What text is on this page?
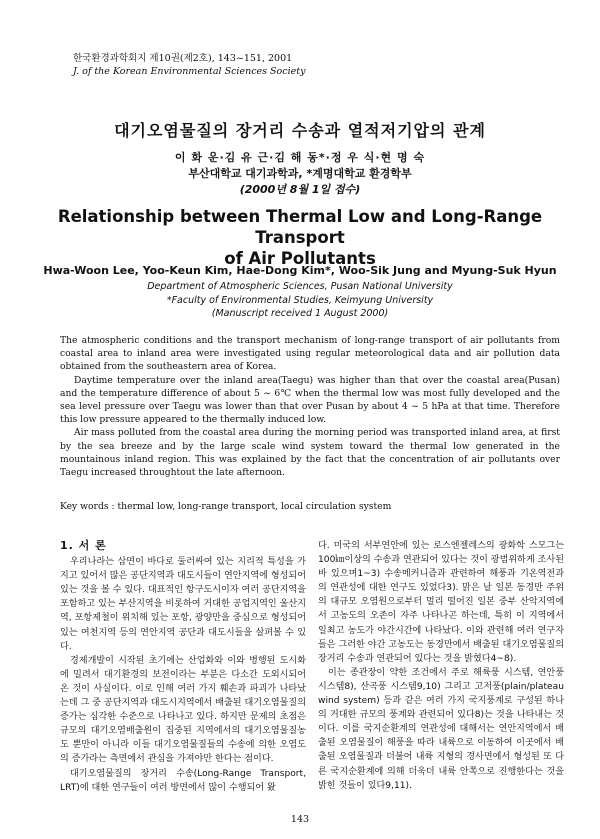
한국환경과학회지 제10권(제2호), 143~151, 2001
J. of the Korean Environmental Sciences Society
대기오염물질의 장거리 수송과 열적저기압의 관계
이 화 운·김 유 근·김 해 동*·정 우 식·현 명 숙
부산대학교 대기과학과, *계명대학교 환경학부
(2000년 8월 1일 접수)
Relationship between Thermal Low and Long-Range Transport
of Air Pollutants
Hwa-Woon Lee, Yoo-Keun Kim, Hae-Dong Kim*, Woo-Sik Jung and Myung-Suk Hyun
Department of Atmospheric Sciences, Pusan National University
*Faculty of Environmental Studies, Keimyung University
(Manuscript received 1 August 2000)

The atmospheric conditions and the transport mechanism of long-range transport of air pollutants from coastal area to inland area were investigated using regular meteorological data and air pollution data obtained from the southeastern area of Korea.

Daytime temperature over the inland area(Taegu) was higher than that over the coastal area(Pusan) and the temperature difference of about 5 ~ 6℃ when the thermal low was most fully developed and the sea level pressure over Taegu was lower than that over Pusan by about 4 ~ 5 hPa at that time. Therefore this low pressure appeared to the thermally induced low.

Air mass polluted from the coastal area during the morning period was transported inland area, at first by the sea breeze and by the large scale wind system toward the thermal low generated in the mountainous inland region. This was explained by the fact that the concentration of air pollutants over Taegu increased throughtout the late afternoon.

Key words : thermal low, long-range transport, local circulation system
1. 서 론

우리나라는 삼면이 바다로 둘러싸여 있는 지리적 특성을 가지고 있어서 많은 공단지역과 대도시들이 연안지역에 형성되어 있는 것을 볼 수 있다. 대표적인 항구도시이자 여러 공단지역을 포함하고 있는 부산지역을 비롯하여 거대한 공업지역인 울산지역, 포항제철이 위치해 있는 포항, 광양만을 중심으로 형성되어 있는 여천지역 등의 연안지역 공단과 대도시들을 살펴볼 수 있다.

경제개발이 시작된 초기에는 산업화와 이와 병행된 도시화에 밀려서 대기환경의 보전이라는 부분은 다소간 도외시되어 온 것이 사실이다. 이로 인해 여러 가지 훼손과 파괴가 나타났는데 그 중 공단지역과 대도시지역에서 배출된 대기오염물질의 증가는 심각한 수준으로 나타나고 있다. 하지만 문제의 초점은 규모의 대기오염배출원이 집중된 지역에서의 대기오염물질농도 뿐만이 아니라 이들 대기오염물질들의 수송에 의한 오염도의 증가라는 측면에서 관심을 가져야만 한다는 점이다.

대기오염물질의 장거리 수송(Long-Range Transport, LRT)에 대한 연구들이 여러 방면에서 많이 수행되어 왔

다. 미국의 서부연안에 있는 로스엔젤레스의 광화학 스모그는 100㎞이상의 수송과 연관되어 있다는 것이 광범위하게 조사된바 있으며1~3) 수송메커니즘과 관련하여 해풍과 기온역전과의 연관성에 대한 연구도 있었다3). 맑은 날 일본 동경만 주위의 대규모 오염원으로부터 멀리 떨어진 일본 중부 산악지역에서 고농도의 오존이 자주 나타나곤 하는데, 특히 이 지역에서 일최고 농도가 야간시간에 나타났다. 이와 관련해 여러 연구자들은 그러한 야간 고농도는 동경만에서 배출된 대기오염물질의 장거리 수송과 연관되어 있다는 것을 밝혔다4~8).

이는 종관장이 약한 조건에서 주로 해륙풍 시스템, 연안풍 시스템8), 산곡풍 시스템9,10) 그리고 고저풍(plain/plateau wind system) 등과 같은 여러 가지 국지풍계로 구성된 하나의 거대한 규모의 풍계와 관련되어 있다8)는 것을 나타내는 것이다. 이를 국지순환계의 연관성에 대해서는 연안지역에서 배출된 오염물질이 해풍을 따라 내륙으로 이동하여 이곳에서 배출된 오염물질과 더불어 내륙 지형의 경사면에서 형성된 또 다른 국지순환계에 의해 더욱더 내륙 안쪽으로 진행한다는 것을 밝힌 것들이 있다9,11).

143
